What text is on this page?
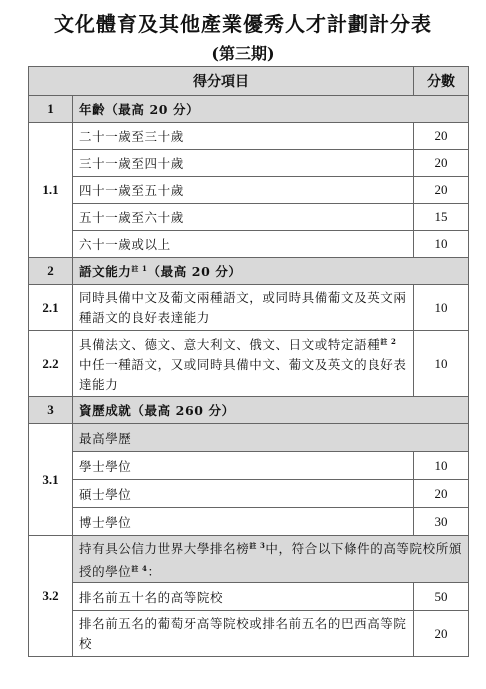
文化體育及其他產業優秀人才計劃計分表
(第三期)
得分項目		分數
1	年齡（最高 20 分）	
1.1	二十一歲至三十歲	20
	三十一歲至四十歲	20
	四十一歲至五十歲	20
	五十一歲至六十歲	15
	六十一歲或以上	10
2	語文能力$^{註 1}$（最高 20 分）	
2.1	同時具備中文及葡文兩種語文，或同時具備葡文及英文兩種語文的良好表達能力	10
2.2	具備法文、德文、意大利文、俄文、日文或特定語種$^{註 2}$中任一種語文，又或同時具備中文、葡文及英文的良好表達能力	10
3	資歷成就（最高 260 分）	
3.1	最高學歷	
	學士學位	10
	碩士學位	20
	博士學位	30
3.2	持有具公信力世界大學排名榜$^{註 3}$中，符合以下條件的高等院校所頒授的學位$^{註 4}$：	
	排名前五十名的高等院校	50
	排名前五名的葡萄牙高等院校或排名前五名的巴西高等院校	20
